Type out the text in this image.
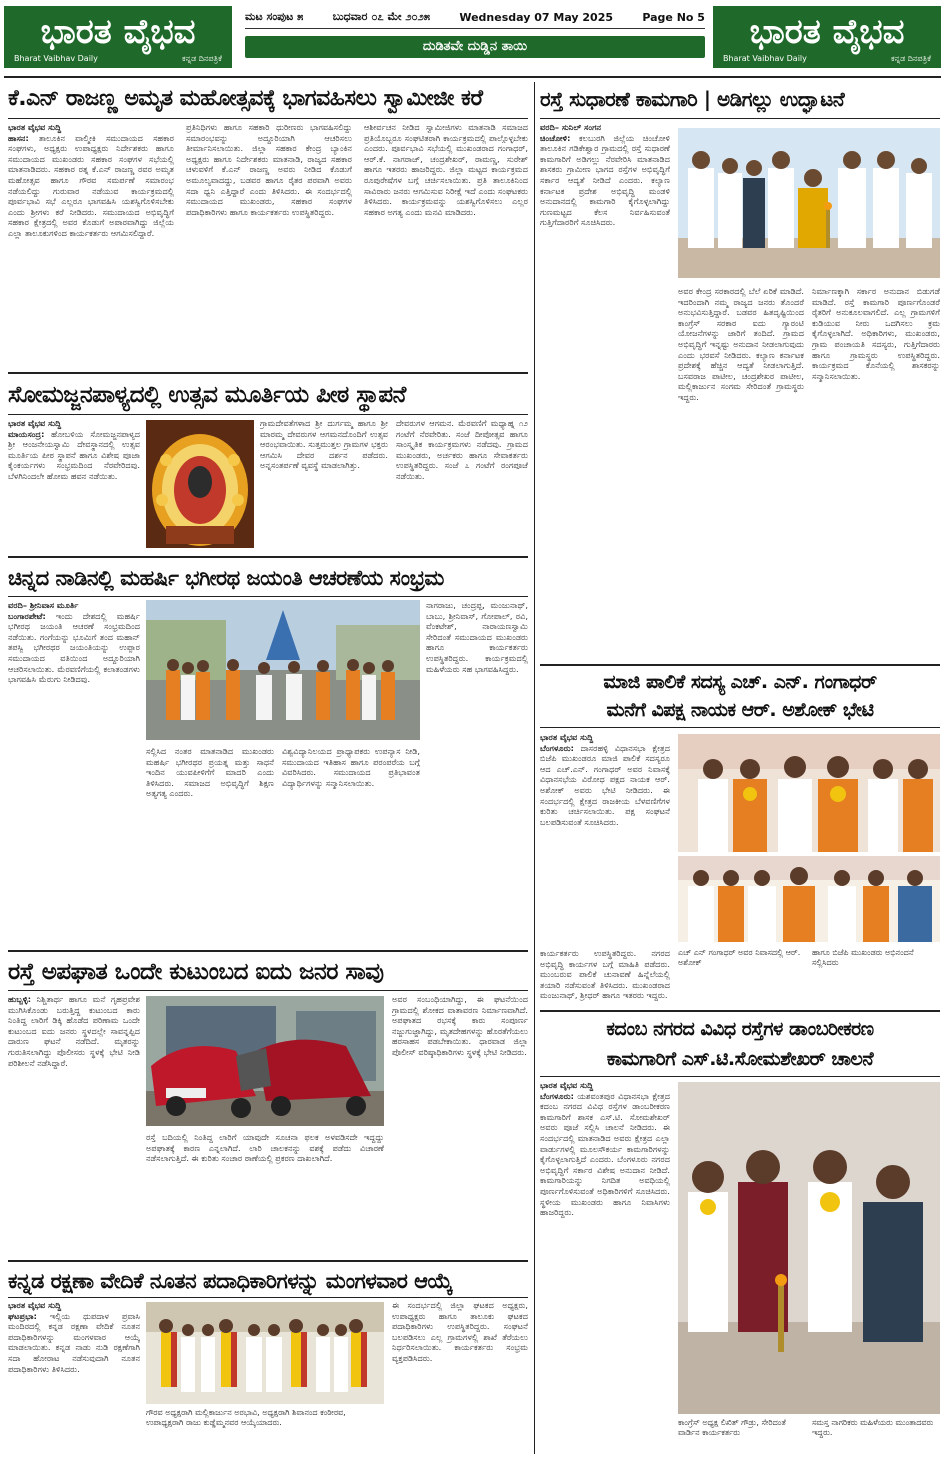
ಭಾರತ ವೈಭವ
Bharat Vaibhav Daily	ಕನ್ನಡ ದಿನಪತ್ರಿಕೆ
ಭಾರತ ವೈಭವ
Bharat Vaibhav Daily	ಕನ್ನಡ ದಿನಪತ್ರಿಕೆ
ಮಟ ಸಂಪುಟ ೫	ಬುಧವಾರ ೦೭ ಮೇ ೨೦೨೫	Wednesday 07 May 2025	Page No 5
ದುಡಿತವೇ ದುಡ್ಡಿನ ತಾಯಿ
ಕೆ.ಎನ್ ರಾಜಣ್ಣ ಅಮೃತ ಮಹೋತ್ಸವಕ್ಕೆ ಭಾಗವಹಿಸಲು ಸ್ವಾಮೀಜೀ ಕರೆ
ಭಾರತ ವೈಭವ ಸುದ್ದಿ
ಹಾಸನ: ತಾಲೂಕಿನ ವಾಲ್ಮೀಕಿ ಸಮುದಾಯದ ಸಹಕಾರ ಸಂಘಗಳು, ಅಧ್ಯಕ್ಷರು ಉಪಾಧ್ಯಕ್ಷರು ನಿರ್ದೇಶಕರು ಹಾಗೂ ಸಮುದಾಯದ ಮುಖಂಡರು ಸಹಕಾರ ಸಂಘಗಳ ಸಭೆಯಲ್ಲಿ ಮಾತನಾಡಿದರು. ಸಹಕಾರ ರತ್ನ ಕೆ.ಎನ್ ರಾಜಣ್ಣ ರವರ ಅಮೃತ ಮಹೋತ್ಸವ ಹಾಗೂ ಗೌರವ ಸಮರ್ಪಣೆ ಸಮಾರಂಭ ನಡೆಯಲಿದ್ದು ಗುರುವಾರ ನಡೆಯುವ ಕಾರ್ಯಕ್ರಮದಲ್ಲಿ ಪೂರ್ವಭಾವಿ ಸಭೆ ಎಲ್ಲರೂ ಭಾಗವಹಿಸಿ ಯಶಸ್ವಿಗೊಳಿಸಬೇಕು ಎಂದು ಶ್ರೀಗಳು ಕರೆ ನೀಡಿದರು. ಸಮುದಾಯದ ಅಭಿವೃದ್ಧಿಗೆ ಸಹಕಾರ ಕ್ಷೇತ್ರದಲ್ಲಿ ಅವರ ಕೊಡುಗೆ ಅಪಾರವಾಗಿದ್ದು ಜಿಲ್ಲೆಯ ಎಲ್ಲಾ ತಾಲೂಕುಗಳಿಂದ ಕಾರ್ಯಕರ್ತರು ಆಗಮಿಸಲಿದ್ದಾರೆ.
ಪ್ರತಿನಿಧಿಗಳು ಹಾಗೂ ಸಹಕಾರಿ ಧುರೀಣರು ಭಾಗವಹಿಸಲಿದ್ದು ಸಮಾರಂಭವನ್ನು ಅದ್ದೂರಿಯಾಗಿ ಆಚರಿಸಲು ತೀರ್ಮಾನಿಸಲಾಯಿತು. ಜಿಲ್ಲಾ ಸಹಕಾರ ಕೇಂದ್ರ ಬ್ಯಾಂಕಿನ ಅಧ್ಯಕ್ಷರು ಹಾಗೂ ನಿರ್ದೇಶಕರು ಮಾತನಾಡಿ, ರಾಜ್ಯದ ಸಹಕಾರ ಚಳುವಳಿಗೆ ಕೆ.ಎನ್ ರಾಜಣ್ಣ ಅವರು ನೀಡಿದ ಕೊಡುಗೆ ಅಮೂಲ್ಯವಾದದ್ದು, ಬಡವರ ಹಾಗೂ ರೈತರ ಪರವಾಗಿ ಅವರು ಸದಾ ಧ್ವನಿ ಎತ್ತಿದ್ದಾರೆ ಎಂದು ತಿಳಿಸಿದರು. ಈ ಸಂದರ್ಭದಲ್ಲಿ ಸಮುದಾಯದ ಮುಖಂಡರು, ಸಹಕಾರ ಸಂಘಗಳ ಪದಾಧಿಕಾರಿಗಳು ಹಾಗೂ ಕಾರ್ಯಕರ್ತರು ಉಪಸ್ಥಿತರಿದ್ದರು.
ಆಶೀರ್ವಚನ ನೀಡಿದ ಸ್ವಾಮೀಜಿಗಳು ಮಾತನಾಡಿ ಸಮಾಜದ ಪ್ರತಿಯೊಬ್ಬರೂ ಸಂಘಟಿತರಾಗಿ ಕಾರ್ಯಕ್ರಮದಲ್ಲಿ ಪಾಲ್ಗೊಳ್ಳಬೇಕು ಎಂದರು. ಪೂರ್ವಭಾವಿ ಸಭೆಯಲ್ಲಿ ಮುಖಂಡರಾದ ಗಂಗಾಧರ್, ಆರ್.ಕೆ. ನಾಗರಾಜ್, ಚಂದ್ರಶೇಖರ್, ರಾಮಣ್ಣ, ಸುರೇಶ್ ಹಾಗೂ ಇತರರು ಹಾಜರಿದ್ದರು. ಜಿಲ್ಲಾ ಮಟ್ಟದ ಕಾರ್ಯಕ್ರಮದ ರೂಪುರೇಷೆಗಳ ಬಗ್ಗೆ ಚರ್ಚಿಸಲಾಯಿತು. ಪ್ರತಿ ತಾಲೂಕಿನಿಂದ ಸಾವಿರಾರು ಜನರು ಆಗಮಿಸುವ ನಿರೀಕ್ಷೆ ಇದೆ ಎಂದು ಸಂಘಟಕರು ತಿಳಿಸಿದರು. ಕಾರ್ಯಕ್ರಮವನ್ನು ಯಶಸ್ವಿಗೊಳಿಸಲು ಎಲ್ಲರ ಸಹಕಾರ ಅಗತ್ಯ ಎಂದು ಮನವಿ ಮಾಡಿದರು.
ಸೋಮಜ್ಜನಪಾಳ್ಯದಲ್ಲಿ ಉತ್ಸವ ಮೂರ್ತಿಯ ಪೀಠ ಸ್ಥಾಪನೆ
ಭಾರತ ವೈಭವ ಸುದ್ದಿ
ಮಾಯಸಂದ್ರ: ಹೋಬಳಿಯ ಸೋಮಜ್ಜನಪಾಳ್ಯದ ಶ್ರೀ ಆಂಜನೇಯಸ್ವಾಮಿ ದೇವಸ್ಥಾನದಲ್ಲಿ ಉತ್ಸವ ಮೂರ್ತಿಯ ಪೀಠ ಸ್ಥಾಪನೆ ಹಾಗೂ ವಿಶೇಷ ಪೂಜಾ ಕೈಂಕರ್ಯಗಳು ಸಂಭ್ರಮದಿಂದ ನೆರವೇರಿದವು. ಬೆಳಗಿನಿಂದಲೇ ಹೋಮ ಹವನ ನಡೆಯಿತು.
ಗ್ರಾಮದೇವತೆಗಳಾದ ಶ್ರೀ ದುರ್ಗಮ್ಮ ಹಾಗೂ ಶ್ರೀ ಮಾರಮ್ಮ ದೇವರುಗಳ ಆಗಮನದೊಂದಿಗೆ ಉತ್ಸವ ಆರಂಭವಾಯಿತು. ಸುತ್ತಮುತ್ತಲ ಗ್ರಾಮಗಳ ಭಕ್ತರು ಆಗಮಿಸಿ ದೇವರ ದರ್ಶನ ಪಡೆದರು. ಅನ್ನಸಂತರ್ಪಣೆ ವ್ಯವಸ್ಥೆ ಮಾಡಲಾಗಿತ್ತು.
ದೇವರುಗಳ ಆಗಮನ. ಮೆರವಣಿಗೆ ಮಧ್ಯಾಹ್ನ ೧೨ ಗಂಟೆಗೆ ನೆರವೇರಿತು. ಸಂಜೆ ದೀಪೋತ್ಸವ ಹಾಗೂ ಸಾಂಸ್ಕೃತಿಕ ಕಾರ್ಯಕ್ರಮಗಳು ನಡೆದವು. ಗ್ರಾಮದ ಮುಖಂಡರು, ಅರ್ಚಕರು ಹಾಗೂ ಸೇವಾಕರ್ತರು ಉಪಸ್ಥಿತರಿದ್ದರು. ಸಂಜೆ ೭ ಗಂಟೆಗೆ ರಂಗಪೂಜೆ ನಡೆಯಿತು.
ಚಿನ್ನದ ನಾಡಿನಲ್ಲಿ ಮಹರ್ಷಿ ಭಗೀರಥ ಜಯಂತಿ ಆಚರಣೆಯ ಸಂಭ್ರಮ
ವರದಿ– ಶ್ರೀನಿವಾಸ ಮೂರ್ತಿ
ಬಂಗಾರಪೇಟೆ: ಇಂದು ದೇಶದಲ್ಲಿ ಮಹರ್ಷಿ ಭಗೀರಥ ಜಯಂತಿ ಆಚರಣೆ ಸಂಭ್ರಮದಿಂದ ನಡೆಯಿತು. ಗಂಗೆಯನ್ನು ಭೂಮಿಗೆ ತಂದ ಮಹಾನ್ ತಪಸ್ವಿ ಭಗೀರಥರ ಜಯಂತಿಯನ್ನು ಉಪ್ಪಾರ ಸಮುದಾಯದ ವತಿಯಿಂದ ಅದ್ದೂರಿಯಾಗಿ ಆಚರಿಸಲಾಯಿತು. ಮೆರವಣಿಗೆಯಲ್ಲಿ ಕಲಾತಂಡಗಳು ಭಾಗವಹಿಸಿ ಮೆರುಗು ನೀಡಿದವು.
ಸಲ್ಲಿಸಿದ ನಂತರ ಮಾತನಾಡಿದ ಮುಖಂಡರು ಮಹರ್ಷಿ ಭಗೀರಥರ ಪ್ರಯತ್ನ ಮತ್ತು ಸಾಧನೆ ಇಂದಿನ ಯುವಪೀಳಿಗೆಗೆ ಮಾದರಿ ಎಂದು ತಿಳಿಸಿದರು. ಸಮಾಜದ ಅಭಿವೃದ್ಧಿಗೆ ಶಿಕ್ಷಣ ಅತ್ಯಗತ್ಯ ಎಂದರು.
ವಿಶ್ವವಿದ್ಯಾನಿಲಯದ ಪ್ರಾಧ್ಯಾಪಕರು ಉಪನ್ಯಾಸ ನೀಡಿ, ಸಮುದಾಯದ ಇತಿಹಾಸ ಹಾಗೂ ಪರಂಪರೆಯ ಬಗ್ಗೆ ವಿವರಿಸಿದರು. ಸಮುದಾಯದ ಪ್ರತಿಭಾವಂತ ವಿದ್ಯಾರ್ಥಿಗಳನ್ನು ಸನ್ಮಾನಿಸಲಾಯಿತು.
ನಾಗರಾಜು, ಚಂದ್ರಪ್ಪ, ಮಂಜುನಾಥ್, ಬಾಬು, ಶ್ರೀನಿವಾಸ್, ಗೋಪಾಲ್, ರವಿ, ವೆಂಕಟೇಶ್, ನಾರಾಯಣಸ್ವಾಮಿ ಸೇರಿದಂತೆ ಸಮುದಾಯದ ಮುಖಂಡರು ಹಾಗೂ ಕಾರ್ಯಕರ್ತರು ಉಪಸ್ಥಿತರಿದ್ದರು. ಕಾರ್ಯಕ್ರಮದಲ್ಲಿ ಮಹಿಳೆಯರು ಸಹ ಭಾಗವಹಿಸಿದ್ದರು.
ರಸ್ತೆ ಅಪಘಾತ ಒಂದೇ ಕುಟುಂಬದ ಐದು ಜನರ ಸಾವು
ಹುಬ್ಬಳ್ಳಿ: ನಿಶ್ಚಿತಾರ್ಥ ಹಾಗೂ ಮನೆ ಗೃಹಪ್ರವೇಶ ಮುಗಿಸಿಕೊಂಡು ಬರುತ್ತಿದ್ದ ಕುಟುಂಬದ ಕಾರು ನಿಂತಿದ್ದ ಲಾರಿಗೆ ಡಿಕ್ಕಿ ಹೊಡೆದ ಪರಿಣಾಮ ಒಂದೇ ಕುಟುಂಬದ ಐದು ಜನರು ಸ್ಥಳದಲ್ಲೇ ಸಾವನ್ನಪ್ಪಿದ ದಾರುಣ ಘಟನೆ ನಡೆದಿದೆ. ಮೃತರನ್ನು ಗುರುತಿಸಲಾಗಿದ್ದು ಪೊಲೀಸರು ಸ್ಥಳಕ್ಕೆ ಭೇಟಿ ನೀಡಿ ಪರಿಶೀಲನೆ ನಡೆಸಿದ್ದಾರೆ.
ರಸ್ತೆ ಬದಿಯಲ್ಲಿ ನಿಂತಿದ್ದ ಲಾರಿಗೆ ಯಾವುದೇ ಸೂಚನಾ ಫಲಕ ಅಳವಡಿಸದೇ ಇದ್ದದ್ದು ಅಪಘಾತಕ್ಕೆ ಕಾರಣ ಎನ್ನಲಾಗಿದೆ. ಲಾರಿ ಚಾಲಕನನ್ನು ವಶಕ್ಕೆ ಪಡೆದು ವಿಚಾರಣೆ ನಡೆಸಲಾಗುತ್ತಿದೆ. ಈ ಕುರಿತು ಸಂಚಾರ ಠಾಣೆಯಲ್ಲಿ ಪ್ರಕರಣ ದಾಖಲಾಗಿದೆ.
ಅವರ ಸಂಬಂಧಿಯಾಗಿದ್ದು, ಈ ಘಟನೆಯಿಂದ ಗ್ರಾಮದಲ್ಲಿ ಶೋಕದ ವಾತಾವರಣ ನಿರ್ಮಾಣವಾಗಿದೆ. ಅಪಘಾತದ ರಭಸಕ್ಕೆ ಕಾರು ಸಂಪೂರ್ಣ ನಜ್ಜುಗುಜ್ಜಾಗಿದ್ದು, ಮೃತದೇಹಗಳನ್ನು ಹೊರತೆಗೆಯಲು ಹರಸಾಹಸ ಪಡಬೇಕಾಯಿತು. ಧಾರವಾಡ ಜಿಲ್ಲಾ ಪೊಲೀಸ್ ವರಿಷ್ಠಾಧಿಕಾರಿಗಳು ಸ್ಥಳಕ್ಕೆ ಭೇಟಿ ನೀಡಿದರು.
ಕನ್ನಡ ರಕ್ಷಣಾ ವೇದಿಕೆ ನೂತನ ಪದಾಧಿಕಾರಿಗಳನ್ನು ಮಂಗಳವಾರ ಆಯ್ಕೆ
ಭಾರತ ವೈಭವ ಸುದ್ದಿ
ಘಟಪ್ರಭಾ: ಇಲ್ಲಿಯ ಧುಪದಾಳ ಪ್ರವಾಸಿ ಮಂದಿರದಲ್ಲಿ ಕನ್ನಡ ರಕ್ಷಣಾ ವೇದಿಕೆ ನೂತನ ಪದಾಧಿಕಾರಿಗಳನ್ನು ಮಂಗಳವಾರ ಆಯ್ಕೆ ಮಾಡಲಾಯಿತು. ಕನ್ನಡ ನಾಡು ನುಡಿ ರಕ್ಷಣೆಗಾಗಿ ಸದಾ ಹೋರಾಟ ನಡೆಸುವುದಾಗಿ ನೂತನ ಪದಾಧಿಕಾರಿಗಳು ತಿಳಿಸಿದರು.
ಗೌರವ ಅಧ್ಯಕ್ಷರಾಗಿ ಮಲ್ಲಿಕಾರ್ಜುನ ಅರಭಾವಿ, ಅಧ್ಯಕ್ಷರಾಗಿ ಶಿವಾನಂದ ಕಂಠೀರವ, ಉಪಾಧ್ಯಕ್ಷರಾಗಿ ರಾಜು ಕುಡ್ಡೆಮ್ಮನವರ ಆಯ್ಕೆಯಾದರು.
ಈ ಸಂದರ್ಭದಲ್ಲಿ ಜಿಲ್ಲಾ ಘಟಕದ ಅಧ್ಯಕ್ಷರು, ಉಪಾಧ್ಯಕ್ಷರು ಹಾಗೂ ತಾಲೂಕು ಘಟಕದ ಪದಾಧಿಕಾರಿಗಳು ಉಪಸ್ಥಿತರಿದ್ದರು. ಸಂಘಟನೆ ಬಲಪಡಿಸಲು ಎಲ್ಲ ಗ್ರಾಮಗಳಲ್ಲಿ ಶಾಖೆ ತೆರೆಯಲು ನಿರ್ಧರಿಸಲಾಯಿತು. ಕಾರ್ಯಕರ್ತರು ಸಂಭ್ರಮ ವ್ಯಕ್ತಪಡಿಸಿದರು.
ರಸ್ತೆ ಸುಧಾರಣೆ ಕಾಮಗಾರಿ | ಅಡಿಗಲ್ಲು ಉದ್ಘಾಟನೆ
ವರದಿ– ಸುನಿಲ್ ಸಂಗನ
ಚಿಂಚೋಳಿ: ಕಲಬುರಗಿ ಜಿಲ್ಲೆಯ ಚಿಂಚೋಳಿ ತಾಲೂಕಿನ ಗಡಿಕೇಶ್ವಾರ ಗ್ರಾಮದಲ್ಲಿ ರಸ್ತೆ ಸುಧಾರಣೆ ಕಾಮಗಾರಿಗೆ ಅಡಿಗಲ್ಲು ನೆರವೇರಿಸಿ ಮಾತನಾಡಿದ ಶಾಸಕರು ಗ್ರಾಮೀಣ ಭಾಗದ ರಸ್ತೆಗಳ ಅಭಿವೃದ್ಧಿಗೆ ಸರ್ಕಾರ ಆದ್ಯತೆ ನೀಡಿದೆ ಎಂದರು. ಕಲ್ಯಾಣ ಕರ್ನಾಟಕ ಪ್ರದೇಶ ಅಭಿವೃದ್ಧಿ ಮಂಡಳಿ ಅನುದಾನದಲ್ಲಿ ಕಾಮಗಾರಿ ಕೈಗೊಳ್ಳಲಾಗಿದ್ದು ಗುಣಮಟ್ಟದ ಕೆಲಸ ನಿರ್ವಹಿಸುವಂತೆ ಗುತ್ತಿಗೆದಾರರಿಗೆ ಸೂಚಿಸಿದರು.
ಅವರ ಕೇಂದ್ರ ಸರಕಾರದಲ್ಲಿ ಬೆಲೆ ಏರಿಕೆ ಮಾಡಿದೆ. ಇದರಿಂದಾಗಿ ನಮ್ಮ ರಾಜ್ಯದ ಜನರು ತೊಂದರೆ ಅನುಭವಿಸುತ್ತಿದ್ದಾರೆ. ಬಡವರ ಹಿತದೃಷ್ಟಿಯಿಂದ ಕಾಂಗ್ರೆಸ್ ಸರಕಾರ ಐದು ಗ್ಯಾರಂಟಿ ಯೋಜನೆಗಳನ್ನು ಜಾರಿಗೆ ತಂದಿದೆ. ಗ್ರಾಮದ ಅಭಿವೃದ್ಧಿಗೆ ಇನ್ನಷ್ಟು ಅನುದಾನ ನೀಡಲಾಗುವುದು ಎಂದು ಭರವಸೆ ನೀಡಿದರು. ಕಲ್ಯಾಣ ಕರ್ನಾಟಕ ಪ್ರದೇಶಕ್ಕೆ ಹೆಚ್ಚಿನ ಆದ್ಯತೆ ನೀಡಲಾಗುತ್ತಿದೆ. ಬಸವರಾಜ ಪಾಟೀಲ, ಚಂದ್ರಶೇಖರ ಪಾಟೀಲ, ಮಲ್ಲಿಕಾರ್ಜುನ ಸಂಗಮ ಸೇರಿದಂತೆ ಗ್ರಾಮಸ್ಥರು ಇದ್ದರು.
ನಿರ್ಮಾಣಕ್ಕಾಗಿ ಸರ್ಕಾರ ಅನುದಾನ ಬಿಡುಗಡೆ ಮಾಡಿದೆ. ರಸ್ತೆ ಕಾಮಗಾರಿ ಪೂರ್ಣಗೊಂಡರೆ ರೈತರಿಗೆ ಅನುಕೂಲವಾಗಲಿದೆ. ಎಲ್ಲ ಗ್ರಾಮಗಳಿಗೆ ಕುಡಿಯುವ ನೀರು ಒದಗಿಸಲು ಕ್ರಮ ಕೈಗೊಳ್ಳಲಾಗಿದೆ. ಅಧಿಕಾರಿಗಳು, ಮುಖಂಡರು, ಗ್ರಾಮ ಪಂಚಾಯತಿ ಸದಸ್ಯರು, ಗುತ್ತಿಗೆದಾರರು ಹಾಗೂ ಗ್ರಾಮಸ್ಥರು ಉಪಸ್ಥಿತರಿದ್ದರು. ಕಾರ್ಯಕ್ರಮದ ಕೊನೆಯಲ್ಲಿ ಶಾಸಕರನ್ನು ಸನ್ಮಾನಿಸಲಾಯಿತು.
ಮಾಜಿ ಪಾಲಿಕೆ ಸದಸ್ಯ ಎಚ್. ಎನ್. ಗಂಗಾಧರ್
ಮನೆಗೆ ವಿಪಕ್ಷ ನಾಯಕ ಆರ್. ಅಶೋಕ್ ಭೇಟಿ
ಭಾರತ ವೈಭವ ಸುದ್ದಿ
ಬೆಂಗಳೂರು: ದಾಸರಹಳ್ಳಿ ವಿಧಾನಸಭಾ ಕ್ಷೇತ್ರದ ಬಿಜೆಪಿ ಮುಖಂಡರೂ ಮಾಜಿ ಪಾಲಿಕೆ ಸದಸ್ಯರೂ ಆದ ಎಚ್.ಎನ್. ಗಂಗಾಧರ್ ಅವರ ನಿವಾಸಕ್ಕೆ ವಿಧಾನಸಭೆಯ ವಿರೋಧ ಪಕ್ಷದ ನಾಯಕ ಆರ್. ಅಶೋಕ್ ಅವರು ಭೇಟಿ ನೀಡಿದರು. ಈ ಸಂದರ್ಭದಲ್ಲಿ ಕ್ಷೇತ್ರದ ರಾಜಕೀಯ ಬೆಳವಣಿಗೆಗಳ ಕುರಿತು ಚರ್ಚಿಸಲಾಯಿತು. ಪಕ್ಷ ಸಂಘಟನೆ ಬಲಪಡಿಸುವಂತೆ ಸೂಚಿಸಿದರು.
ಕಾರ್ಯಕರ್ತರು ಉಪಸ್ಥಿತರಿದ್ದರು. ನಗರದ ಅಭಿವೃದ್ಧಿ ಕಾರ್ಯಗಳ ಬಗ್ಗೆ ಮಾಹಿತಿ ಪಡೆದರು. ಮುಂಬರುವ ಪಾಲಿಕೆ ಚುನಾವಣೆ ಹಿನ್ನೆಲೆಯಲ್ಲಿ ತಯಾರಿ ನಡೆಸುವಂತೆ ತಿಳಿಸಿದರು. ಮುಖಂಡರಾದ ಮಂಜುನಾಥ್, ಶ್ರೀಧರ್ ಹಾಗೂ ಇತರರು ಇದ್ದರು.
ಎಚ್ ಎನ್ ಗಂಗಾಧರ್ ಅವರ ನಿವಾಸದಲ್ಲಿ ಆರ್. ಅಶೋಕ್
ಹಾಗೂ ಬಿಜೆಪಿ ಮುಖಂಡರು ಅಭಿನಂದನೆ ಸಲ್ಲಿಸಿದರು
ಕದಂಬ ನಗರದ ವಿವಿಧ ರಸ್ತೆಗಳ ಡಾಂಬರೀಕರಣ
ಕಾಮಗಾರಿಗೆ ಎಸ್.ಟಿ.ಸೋಮಶೇಖರ್ ಚಾಲನೆ
ಭಾರತ ವೈಭವ ಸುದ್ದಿ
ಬೆಂಗಳೂರು: ಯಶವಂತಪುರ ವಿಧಾನಸಭಾ ಕ್ಷೇತ್ರದ ಕದಂಬ ನಗರದ ವಿವಿಧ ರಸ್ತೆಗಳ ಡಾಂಬರೀಕರಣ ಕಾಮಗಾರಿಗೆ ಶಾಸಕ ಎಸ್.ಟಿ. ಸೋಮಶೇಖರ್ ಅವರು ಪೂಜೆ ಸಲ್ಲಿಸಿ ಚಾಲನೆ ನೀಡಿದರು. ಈ ಸಂದರ್ಭದಲ್ಲಿ ಮಾತನಾಡಿದ ಅವರು ಕ್ಷೇತ್ರದ ಎಲ್ಲಾ ವಾರ್ಡುಗಳಲ್ಲಿ ಮೂಲಸೌಕರ್ಯ ಕಾಮಗಾರಿಗಳನ್ನು ಕೈಗೊಳ್ಳಲಾಗುತ್ತಿದೆ ಎಂದರು. ಬೆಂಗಳೂರು ನಗರದ ಅಭಿವೃದ್ಧಿಗೆ ಸರ್ಕಾರ ವಿಶೇಷ ಅನುದಾನ ನೀಡಿದೆ. ಕಾಮಗಾರಿಯನ್ನು ನಿಗದಿತ ಅವಧಿಯಲ್ಲಿ ಪೂರ್ಣಗೊಳಿಸುವಂತೆ ಅಧಿಕಾರಿಗಳಿಗೆ ಸೂಚಿಸಿದರು. ಸ್ಥಳೀಯ ಮುಖಂಡರು ಹಾಗೂ ನಿವಾಸಿಗಳು ಹಾಜರಿದ್ದರು.
ಕಾಂಗ್ರೆಸ್ ಅಧ್ಯಕ್ಷ ಲಿಖಿತ್ ಗೌಡ್ರು, ಸೇರಿದಂತೆ ವಾರ್ಡಿನ ಕಾರ್ಯಕರ್ತರು
ಸಮಸ್ತ ನಾಗರಿಕರು ಮಹಿಳೆಯರು ಮುಂತಾದವರು ಇದ್ದರು.
